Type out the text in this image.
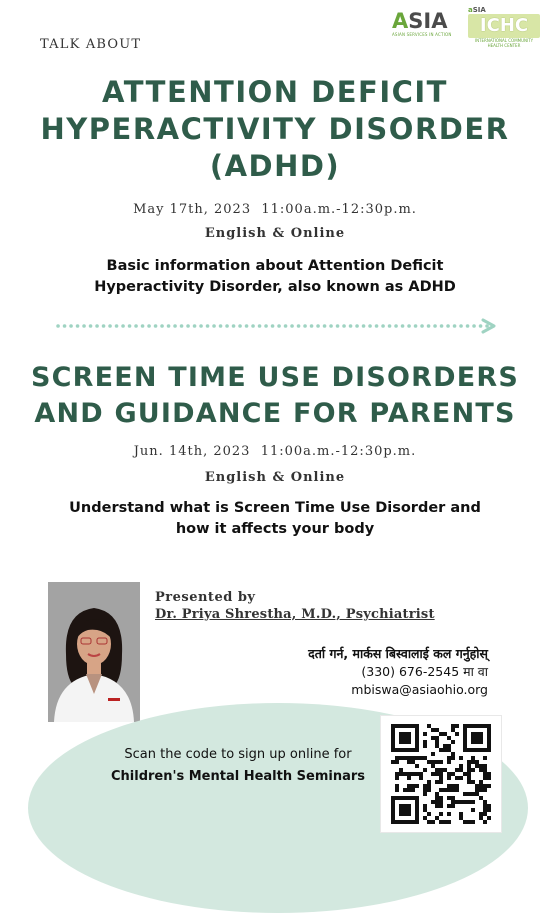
TALK ABOUT
ASIA
ASIAN SERVICES IN ACTION
aSIA
ICHC
INTERNATIONAL COMMUNITY HEALTH CENTER
ATTENTION DEFICIT
HYPERACTIVITY DISORDER
(ADHD)
May 17th, 2023  11:00a.m.-12:30p.m.
English & Online
Basic information about Attention Deficit
Hyperactivity Disorder, also known as ADHD
SCREEN TIME USE DISORDERS
AND GUIDANCE FOR PARENTS
Jun. 14th, 2023  11:00a.m.-12:30p.m.
English & Online
Understand what is Screen Time Use Disorder and
how it affects your body
Presented by
Dr. Priya Shrestha, M.D., Psychiatrist
दर्ता गर्न, मार्कस बिस्वालाई कल गर्नुहोस्
(330) 676-2545 मा वा
mbiswa@asiaohio.org
Scan the code to sign up online for
Children's Mental Health Seminars
